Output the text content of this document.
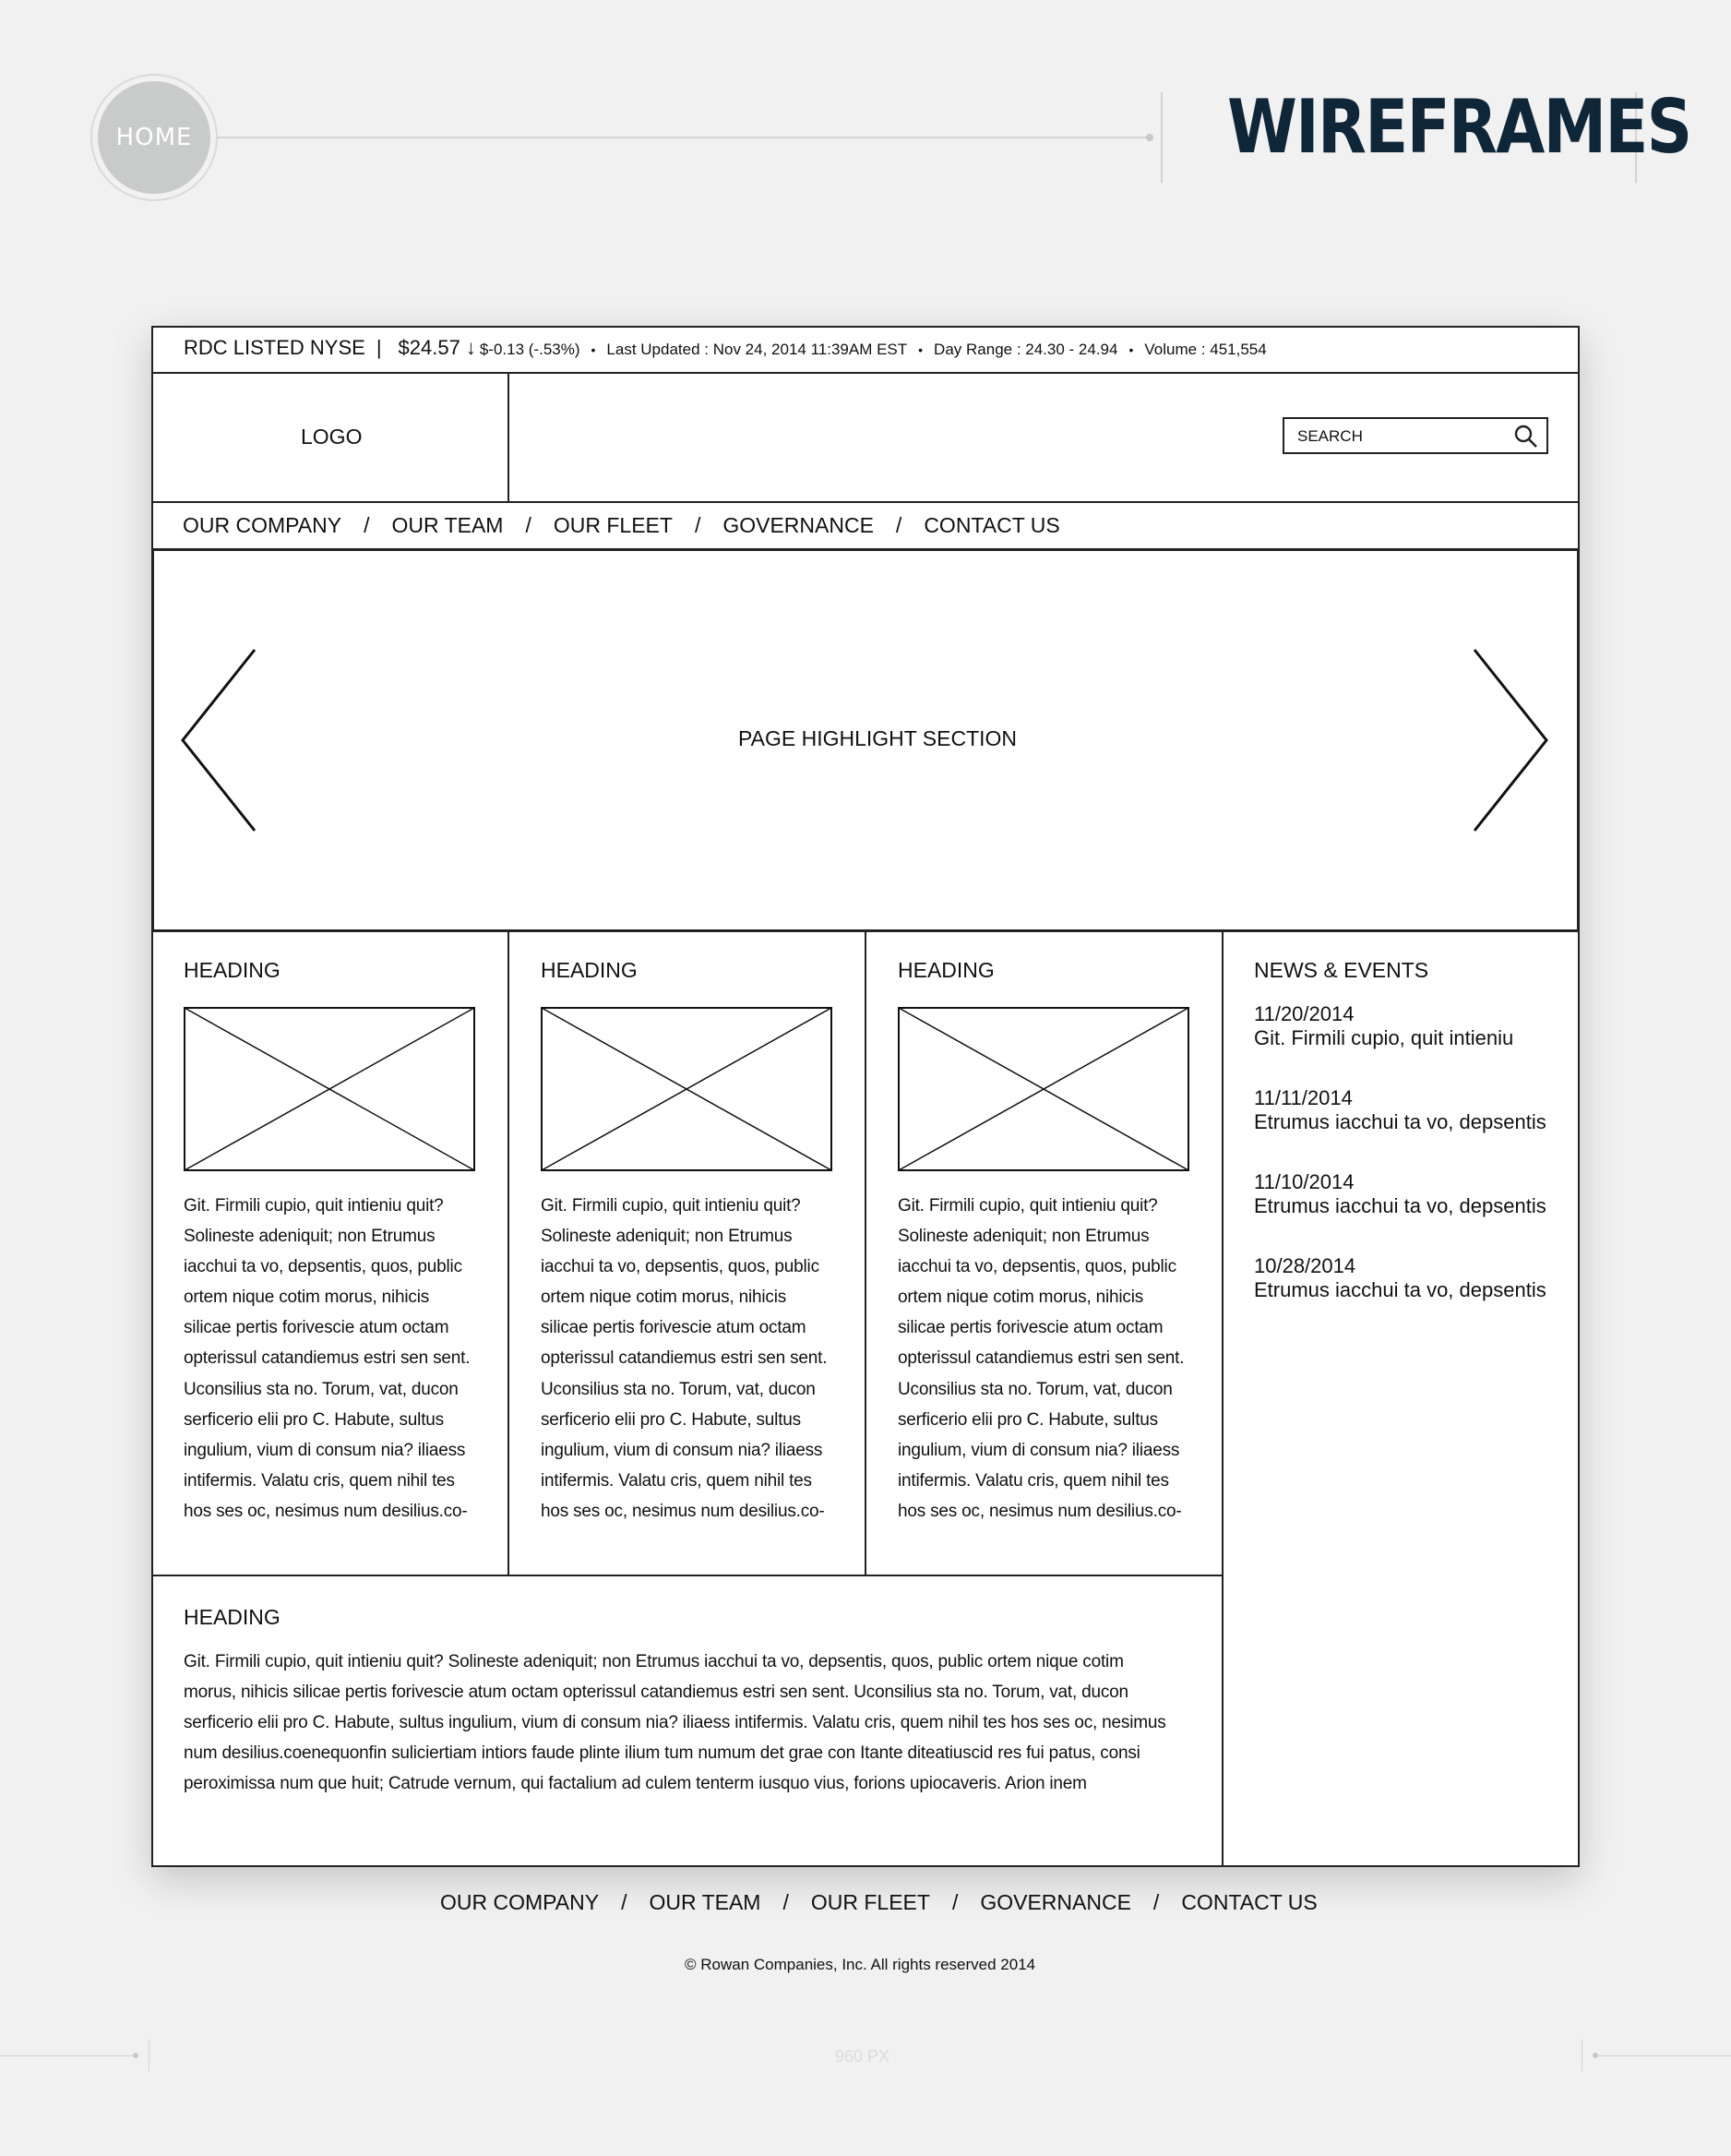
HOME	WIREFRAMES
RDC LISTED NYSE | $24.57 ↓ $-0.13 (-.53%) • Last Updated : Nov 24, 2014 11:39AM EST • Day Range : 24.30 - 24.94 • Volume : 451,554
LOGO	SEARCH
OUR COMPANY / OUR TEAM / OUR FLEET / GOVERNANCE / CONTACT US
PAGE HIGHLIGHT SECTION
HEADING
Git. Firmili cupio, quit intieniu quit?
Solineste adeniquit; non Etrumus
iacchui ta vo, depsentis, quos, public
ortem nique cotim morus, nihicis
silicae pertis forivescie atum octam
opterissul catandiemus estri sen sent.
Uconsilius sta no. Torum, vat, ducon
serficerio elii pro C. Habute, sultus
ingulium, vium di consum nia? iliaess
intifermis. Valatu cris, quem nihil tes
hos ses oc, nesimus num desilius.co-
HEADING
Git. Firmili cupio, quit intieniu quit?
Solineste adeniquit; non Etrumus
iacchui ta vo, depsentis, quos, public
ortem nique cotim morus, nihicis
silicae pertis forivescie atum octam
opterissul catandiemus estri sen sent.
Uconsilius sta no. Torum, vat, ducon
serficerio elii pro C. Habute, sultus
ingulium, vium di consum nia? iliaess
intifermis. Valatu cris, quem nihil tes
hos ses oc, nesimus num desilius.co-
HEADING
Git. Firmili cupio, quit intieniu quit?
Solineste adeniquit; non Etrumus
iacchui ta vo, depsentis, quos, public
ortem nique cotim morus, nihicis
silicae pertis forivescie atum octam
opterissul catandiemus estri sen sent.
Uconsilius sta no. Torum, vat, ducon
serficerio elii pro C. Habute, sultus
ingulium, vium di consum nia? iliaess
intifermis. Valatu cris, quem nihil tes
hos ses oc, nesimus num desilius.co-
NEWS & EVENTS
11/20/2014
Git. Firmili cupio, quit intieniu
11/11/2014
Etrumus iacchui ta vo, depsentis
11/10/2014
Etrumus iacchui ta vo, depsentis
10/28/2014
Etrumus iacchui ta vo, depsentis
HEADING
Git. Firmili cupio, quit intieniu quit? Solineste adeniquit; non Etrumus iacchui ta vo, depsentis, quos, public ortem nique cotim
morus, nihicis silicae pertis forivescie atum octam opterissul catandiemus estri sen sent. Uconsilius sta no. Torum, vat, ducon
serficerio elii pro C. Habute, sultus ingulium, vium di consum nia? iliaess intifermis. Valatu cris, quem nihil tes hos ses oc, nesimus
num desilius.coenequonfin suliciertiam intiors faude plinte ilium tum numum det grae con Itante diteatiuscid res fui patus, consi
peroximissa num que huit; Catrude vernum, qui factalium ad culem tenterm iusquo vius, forions upiocaveris. Arion inem
OUR COMPANY / OUR TEAM / OUR FLEET / GOVERNANCE / CONTACT US
© Rowan Companies, Inc. All rights reserved 2014
960 PX
